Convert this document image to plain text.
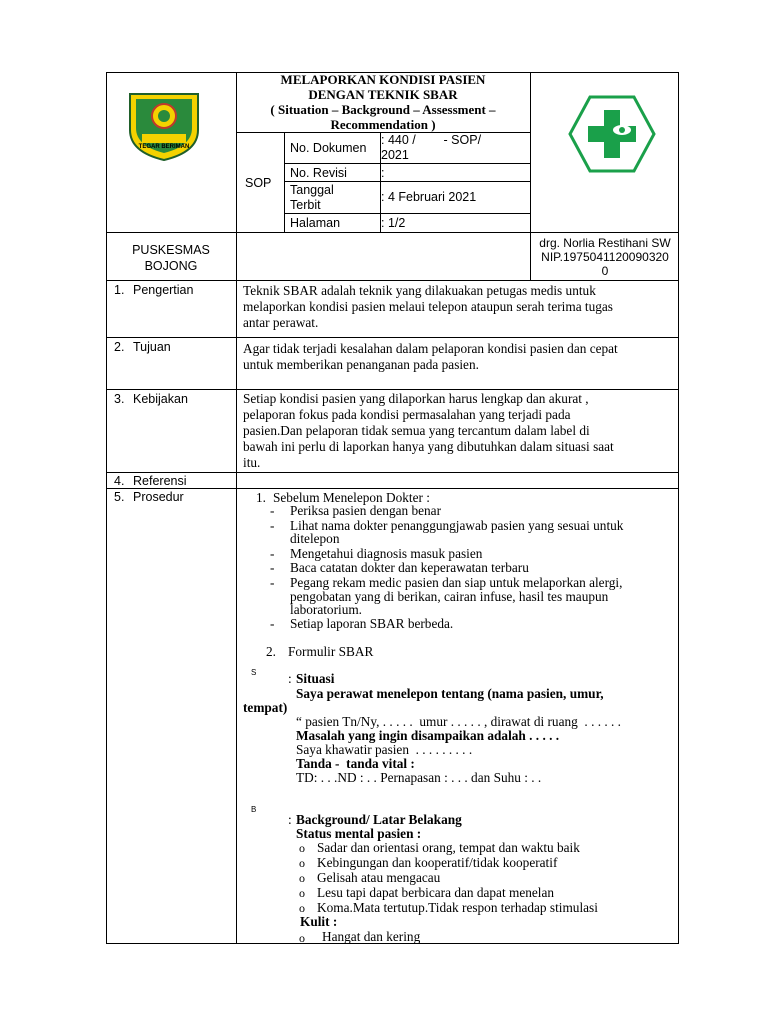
TEGAR BERIMAN
MELAPORKAN KONDISI PASIEN
DENGAN TEKNIK SBAR
( Situation – Background – Assessment –
Recommendation )
SOP
No. Dokumen
: 440 /        - SOP/
2021
No. Revisi	:
Tanggal
Terbit
: 4 Februari 2021
Halaman	: 1/2
PUSKESMAS
BOJONG
drg. Norlia Restihani SW
NIP.1975041120090320
0
1. Pengertian
2. Tujuan
3. Kebijakan
4. Referensi
5. Prosedur
Teknik SBAR adalah teknik yang dilakuakan petugas medis untuk
melaporkan kondisi pasien melaui telepon ataupun serah terima tugas
antar perawat.
Agar tidak terjadi kesalahan dalam pelaporan kondisi pasien dan cepat
untuk memberikan penanganan pada pasien.
Setiap kondisi pasien yang dilaporkan harus lengkap dan akurat ,
pelaporan fokus pada kondisi permasalahan yang terjadi pada
pasien.Dan pelaporan tidak semua yang tercantum dalam label di
bawah ini perlu di laporkan hanya yang dibutuhkan dalam situasi saat
itu.
1. Sebelum Menelepon Dokter :
- Periksa pasien dengan benar
- Lihat nama dokter penanggungjawab pasien yang sesuai untuk
ditelepon
- Mengetahui diagnosis masuk pasien
- Baca catatan dokter dan keperawatan terbaru
- Pegang rekam medic pasien dan siap untuk melaporkan alergi,
pengobatan yang di berikan, cairan infuse, hasil tes maupun
laboratorium.
- Setiap laporan SBAR berbeda.
2. Formulir SBAR
S : Situasi
Saya perawat menelepon tentang (nama pasien, umur,
tempat)
“ pasien Tn/Ny, . . . . .  umur . . . . . , dirawat di ruang  . . . . . .
Masalah yang ingin disampaikan adalah . . . . .
Saya khawatir pasien  . . . . . . . . .
Tanda -  tanda vital :
TD: . . .ND : . . Pernapasan : . . . dan Suhu : . .
B
: Background/ Latar Belakang
Status mental pasien :
o Sadar dan orientasi orang, tempat dan waktu baik
o Kebingungan dan kooperatif/tidak kooperatif
o Gelisah atau mengacau
o Lesu tapi dapat berbicara dan dapat menelan
o Koma.Mata tertutup.Tidak respon terhadap stimulasi
Kulit :
o Hangat dan kering
